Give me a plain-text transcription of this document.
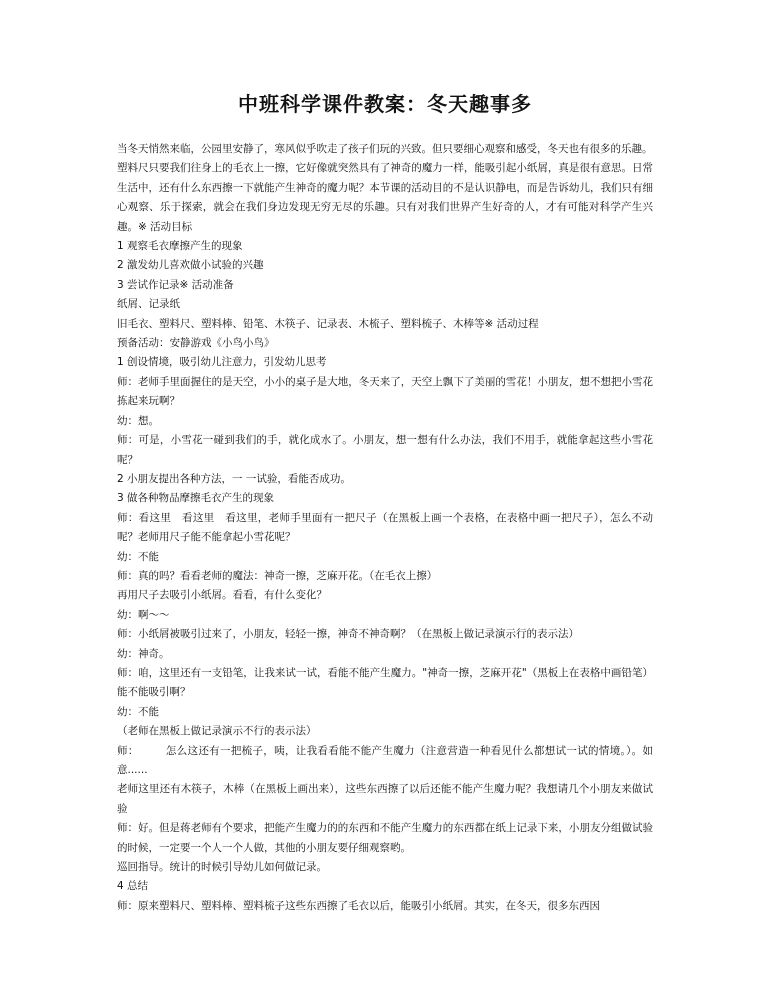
中班科学课件教案：冬天趣事多

当冬天悄然来临，公园里安静了，寒风似乎吹走了孩子们玩的兴致。但只要细心观察和感受，冬天也有很多的乐趣。

塑料尺只要我们往身上的毛衣上一擦，它好像就突然具有了神奇的魔力一样，能吸引起小纸屑，真是很有意思。日常生活中，还有什么东西擦一下就能产生神奇的魔力呢？本节课的活动目的不是认识静电，而是告诉幼儿，我们只有细心观察、乐于探索，就会在我们身边发现无穷无尽的乐趣。只有对我们世界产生好奇的人，才有可能对科学产生兴趣。※ 活动目标

1 观察毛衣摩擦产生的现象

2 激发幼儿喜欢做小试验的兴趣

3 尝试作记录※ 活动准备

纸屑、记录纸

旧毛衣、塑料尺、塑料棒、铅笔、木筷子、记录表、木梳子、塑料梳子、木棒等※ 活动过程

预备活动：安静游戏《小鸟小鸟》

1 创设情境，吸引幼儿注意力，引发幼儿思考

师：老师手里面握住的是天空，小小的桌子是大地，冬天来了，天空上飘下了美丽的雪花！小朋友，想不想把小雪花拣起来玩啊？

幼：想。

师：可是，小雪花一碰到我们的手，就化成水了。小朋友，想一想有什么办法，我们不用手，就能拿起这些小雪花呢？

2 小朋友提出各种方法，一 一试验，看能否成功。

3 做各种物品摩擦毛衣产生的现象

师：看这里　看这里　看这里，老师手里面有一把尺子（在黑板上画一个表格，在表格中画一把尺子），怎么不动呢？老师用尺子能不能拿起小雪花呢？

幼：不能

师：真的吗？看看老师的魔法：神奇一擦，芝麻开花。（在毛衣上擦）

再用尺子去吸引小纸屑。看看，有什么变化？

幼：啊～～

师：小纸屑被吸引过来了，小朋友，轻轻一擦，神奇不神奇啊？（在黑板上做记录演示行的表示法）

幼：神奇。

师：咱，这里还有一支铅笔，让我来试一试，看能不能产生魔力。"神奇一擦，芝麻开花"（黑板上在表格中画铅笔）能不能吸引啊？

幼：不能

（老师在黑板上做记录演示不行的表示法）

师：　　　怎么这还有一把梳子，咦，让我看看能不能产生魔力（注意营造一种看见什么都想试一试的情境。）。如意......

老师这里还有木筷子，木棒（在黑板上画出来），这些东西擦了以后还能不能产生魔力呢？我想请几个小朋友来做试验

师：好。但是蒋老师有个要求，把能产生魔力的的东西和不能产生魔力的东西都在纸上记录下来，小朋友分组做试验的时候，一定要一个人一个人做，其他的小朋友要仔细观察哟。

巡回指导。统计的时候引导幼儿如何做记录。

4 总结

师：原来塑料尺、塑料棒、塑料梳子这些东西擦了毛衣以后，能吸引小纸屑。其实，在冬天，很多东西因
